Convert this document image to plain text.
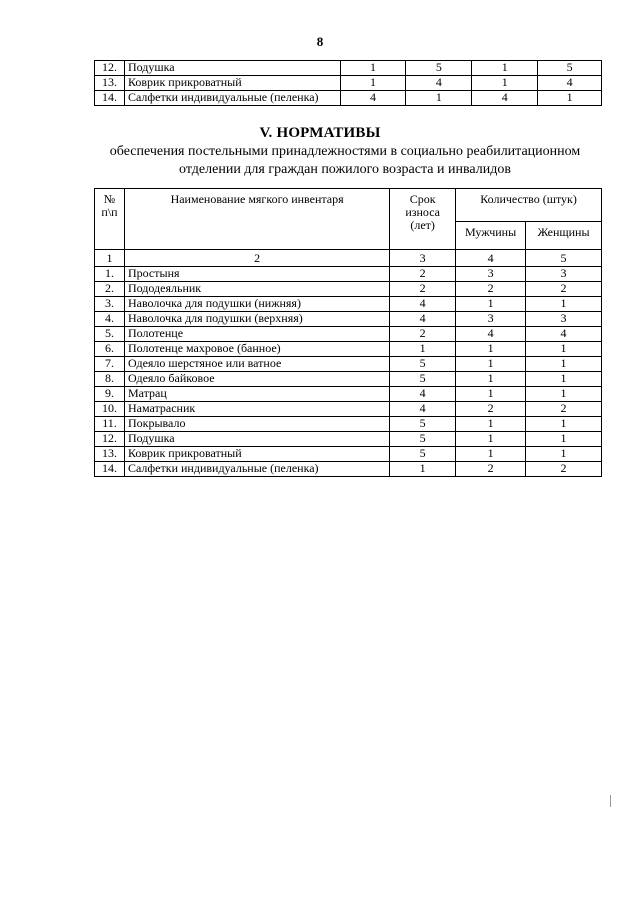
8
12.	Подушка	1	5	1	5
13.	Коврик прикроватный	1	4	1	4
14.	Салфетки индивидуальные (пеленка)	4	1	4	1
V. НОРМАТИВЫ
обеспечения постельными принадлежностями в социально реабилитационном отделении для граждан пожилого возраста и инвалидов
№ п\п	Наименование мягкого инвентаря	Срок износа (лет)	Количество (штук)	
			Мужчины	Женщины
1	2	3	4	5
1.	Простыня	2	3	3
2.	Пододеяльник	2	2	2
3.	Наволочка для подушки (нижняя)	4	1	1
4.	Наволочка для подушки (верхняя)	4	3	3
5.	Полотенце	2	4	4
6.	Полотенце махровое (банное)	1	1	1
7.	Одеяло шерстяное или ватное	5	1	1
8.	Одеяло байковое	5	1	1
9.	Матрац	4	1	1
10.	Наматрасник	4	2	2
11.	Покрывало	5	1	1
12.	Подушка	5	1	1
13.	Коврик прикроватный	5	1	1
14.	Салфетки индивидуальные (пеленка)	1	2	2
